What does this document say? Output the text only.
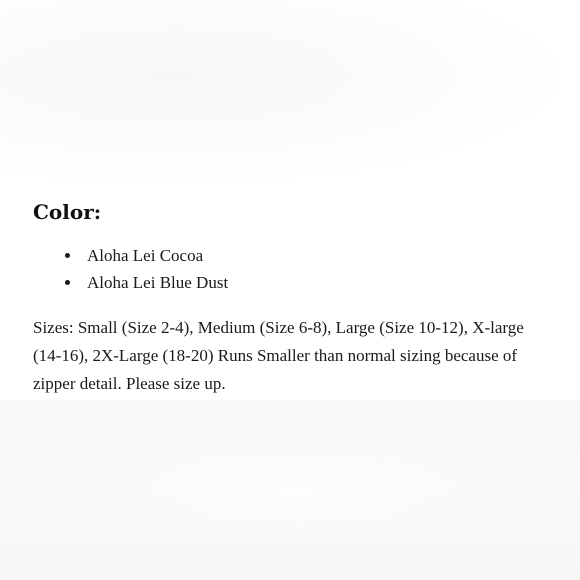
Color:
Aloha Lei Cocoa
Aloha Lei Blue Dust

Sizes: Small (Size 2-4), Medium (Size 6-8), Large (Size 10-12), X-large (14-16), 2X-Large (18-20) Runs Smaller than normal sizing because of zipper detail. Please size up.
